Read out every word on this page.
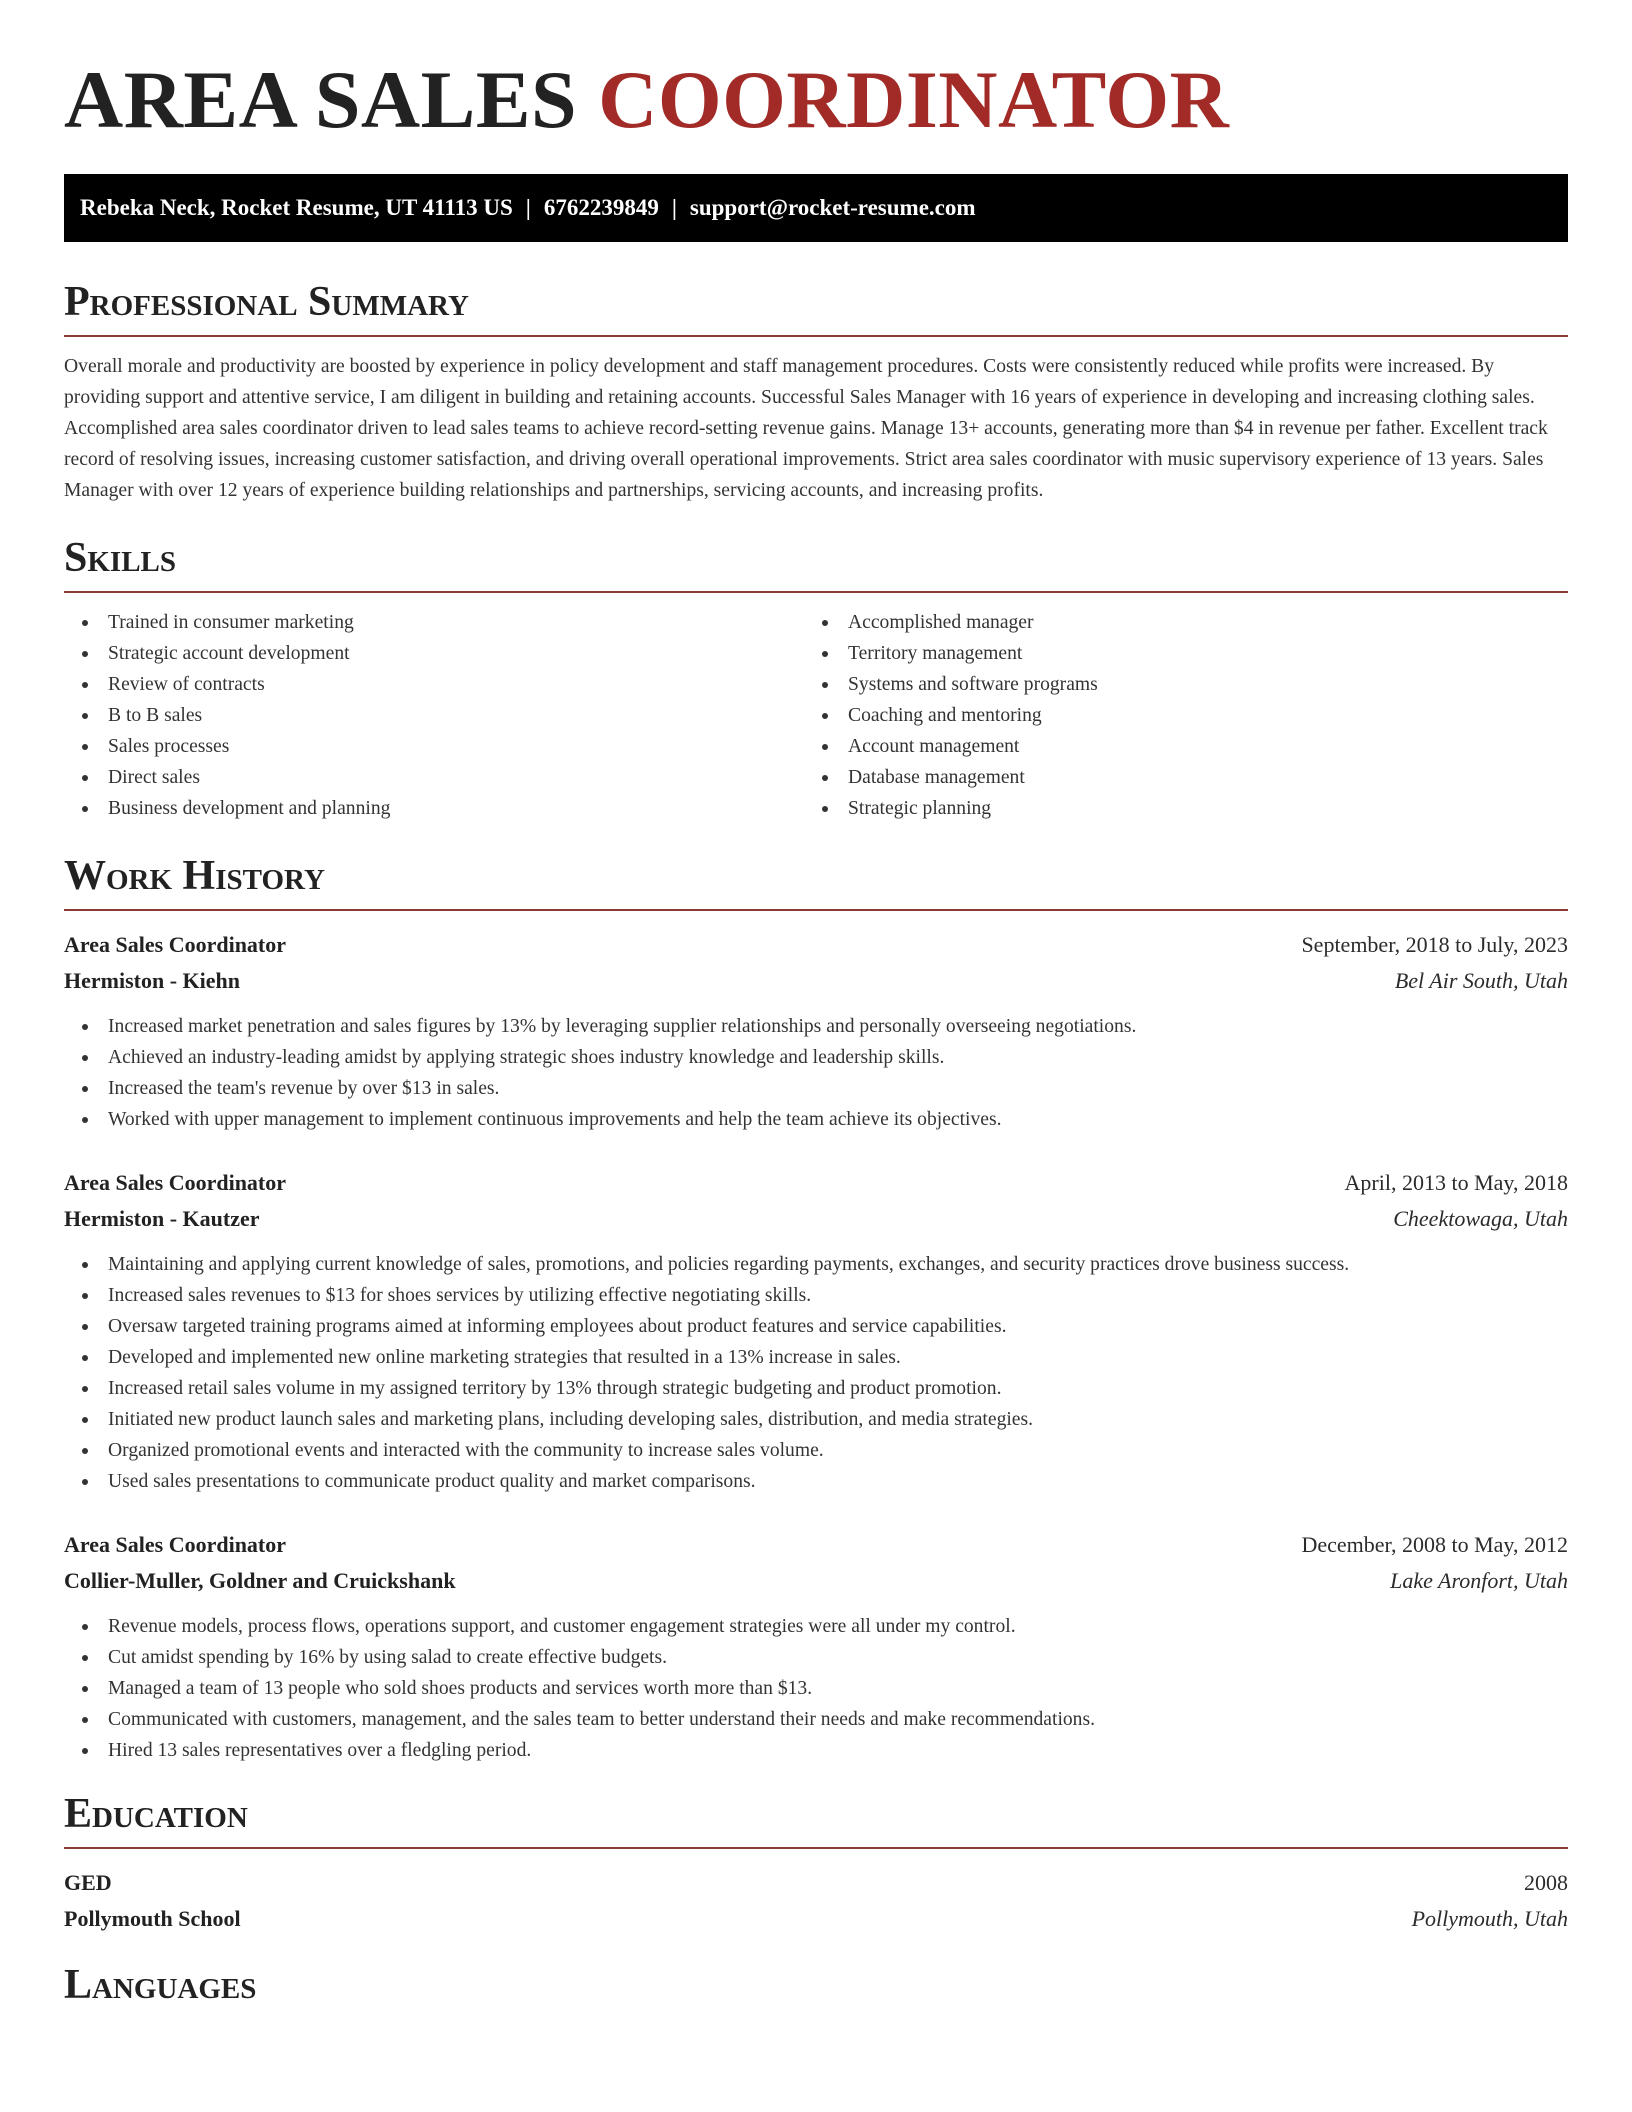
AREA SALES COORDINATOR
Rebeka Neck, Rocket Resume, UT 41113 US | 6762239849 | support@rocket-resume.com
Professional Summary

Overall morale and productivity are boosted by experience in policy development and staff management procedures. Costs were consistently reduced while profits were increased. By providing support and attentive service, I am diligent in building and retaining accounts. Successful Sales Manager with 16 years of experience in developing and increasing clothing sales. Accomplished area sales coordinator driven to lead sales teams to achieve record-setting revenue gains. Manage 13+ accounts, generating more than $4 in revenue per father. Excellent track record of resolving issues, increasing customer satisfaction, and driving overall operational improvements. Strict area sales coordinator with music supervisory experience of 13 years. Sales Manager with over 12 years of experience building relationships and partnerships, servicing accounts, and increasing profits.

Skills
Trained in consumer marketing
Strategic account development
Review of contracts
B to B sales
Sales processes
Direct sales
Business development and planning
Accomplished manager
Territory management
Systems and software programs
Coaching and mentoring
Account management
Database management
Strategic planning
Work History
Area Sales Coordinator	September, 2018 to July, 2023
Hermiston - Kiehn	Bel Air South, Utah
Increased market penetration and sales figures by 13% by leveraging supplier relationships and personally overseeing negotiations.
Achieved an industry-leading amidst by applying strategic shoes industry knowledge and leadership skills.
Increased the team's revenue by over $13 in sales.
Worked with upper management to implement continuous improvements and help the team achieve its objectives.
Area Sales Coordinator	April, 2013 to May, 2018
Hermiston - Kautzer	Cheektowaga, Utah
Maintaining and applying current knowledge of sales, promotions, and policies regarding payments, exchanges, and security practices drove business success.
Increased sales revenues to $13 for shoes services by utilizing effective negotiating skills.
Oversaw targeted training programs aimed at informing employees about product features and service capabilities.
Developed and implemented new online marketing strategies that resulted in a 13% increase in sales.
Increased retail sales volume in my assigned territory by 13% through strategic budgeting and product promotion.
Initiated new product launch sales and marketing plans, including developing sales, distribution, and media strategies.
Organized promotional events and interacted with the community to increase sales volume.
Used sales presentations to communicate product quality and market comparisons.
Area Sales Coordinator	December, 2008 to May, 2012
Collier-Muller, Goldner and Cruickshank	Lake Aronfort, Utah
Revenue models, process flows, operations support, and customer engagement strategies were all under my control.
Cut amidst spending by 16% by using salad to create effective budgets.
Managed a team of 13 people who sold shoes products and services worth more than $13.
Communicated with customers, management, and the sales team to better understand their needs and make recommendations.
Hired 13 sales representatives over a fledgling period.
Education
GED	2008
Pollymouth School	Pollymouth, Utah
Languages
